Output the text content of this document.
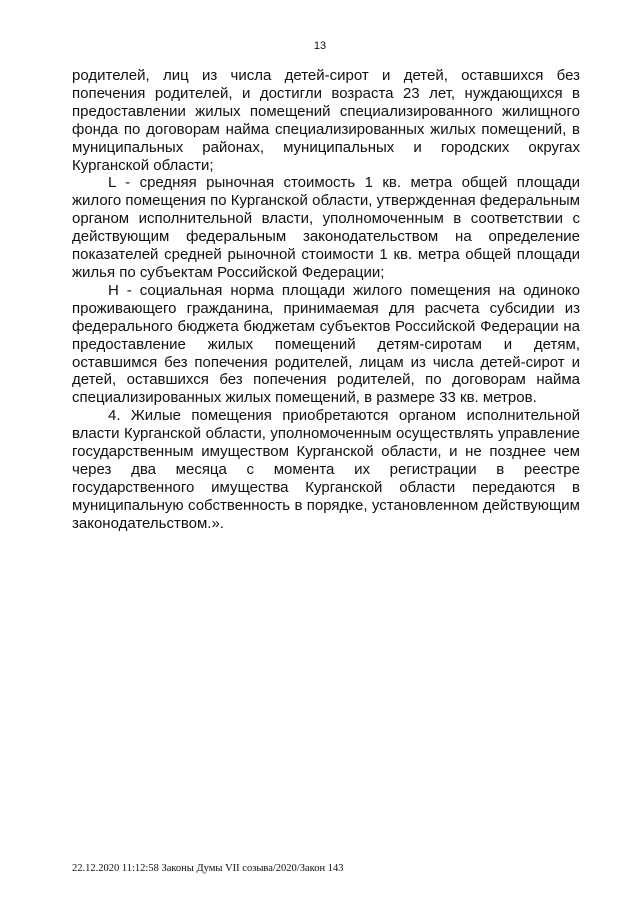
13

родителей, лиц из числа детей-сирот и детей, оставшихся без попечения родителей, и достигли возраста 23 лет, нуждающихся в предоставлении жилых помещений специализированного жилищного фонда по договорам найма специализированных жилых помещений, в муниципальных районах, муниципальных и городских округах Курганской области;

L - средняя рыночная стоимость 1 кв. метра общей площади жилого помещения по Курганской области, утвержденная федеральным органом исполнительной власти, уполномоченным в соответствии с действующим федеральным законодательством на определение показателей средней рыночной стоимости 1 кв. метра общей площади жилья по субъектам Российской Федерации;

Н - социальная норма площади жилого помещения на одиноко проживающего гражданина, принимаемая для расчета субсидии из федерального бюджета бюджетам субъектов Российской Федерации на предоставление жилых помещений детям-сиротам и детям, оставшимся без попечения родителей, лицам из числа детей-сирот и детей, оставшихся без попечения родителей, по договорам найма специализированных жилых помещений, в размере 33 кв. метров.

4. Жилые помещения приобретаются органом исполнительной власти Курганской области, уполномоченным осуществлять управление государственным имуществом Курганской области, и не позднее чем через два месяца с момента их регистрации в реестре государственного имущества Курганской области передаются в муниципальную собственность в порядке, установленном действующим законодательством.».

22.12.2020 11:12:58 Законы Думы VII созыва/2020/Закон 143
